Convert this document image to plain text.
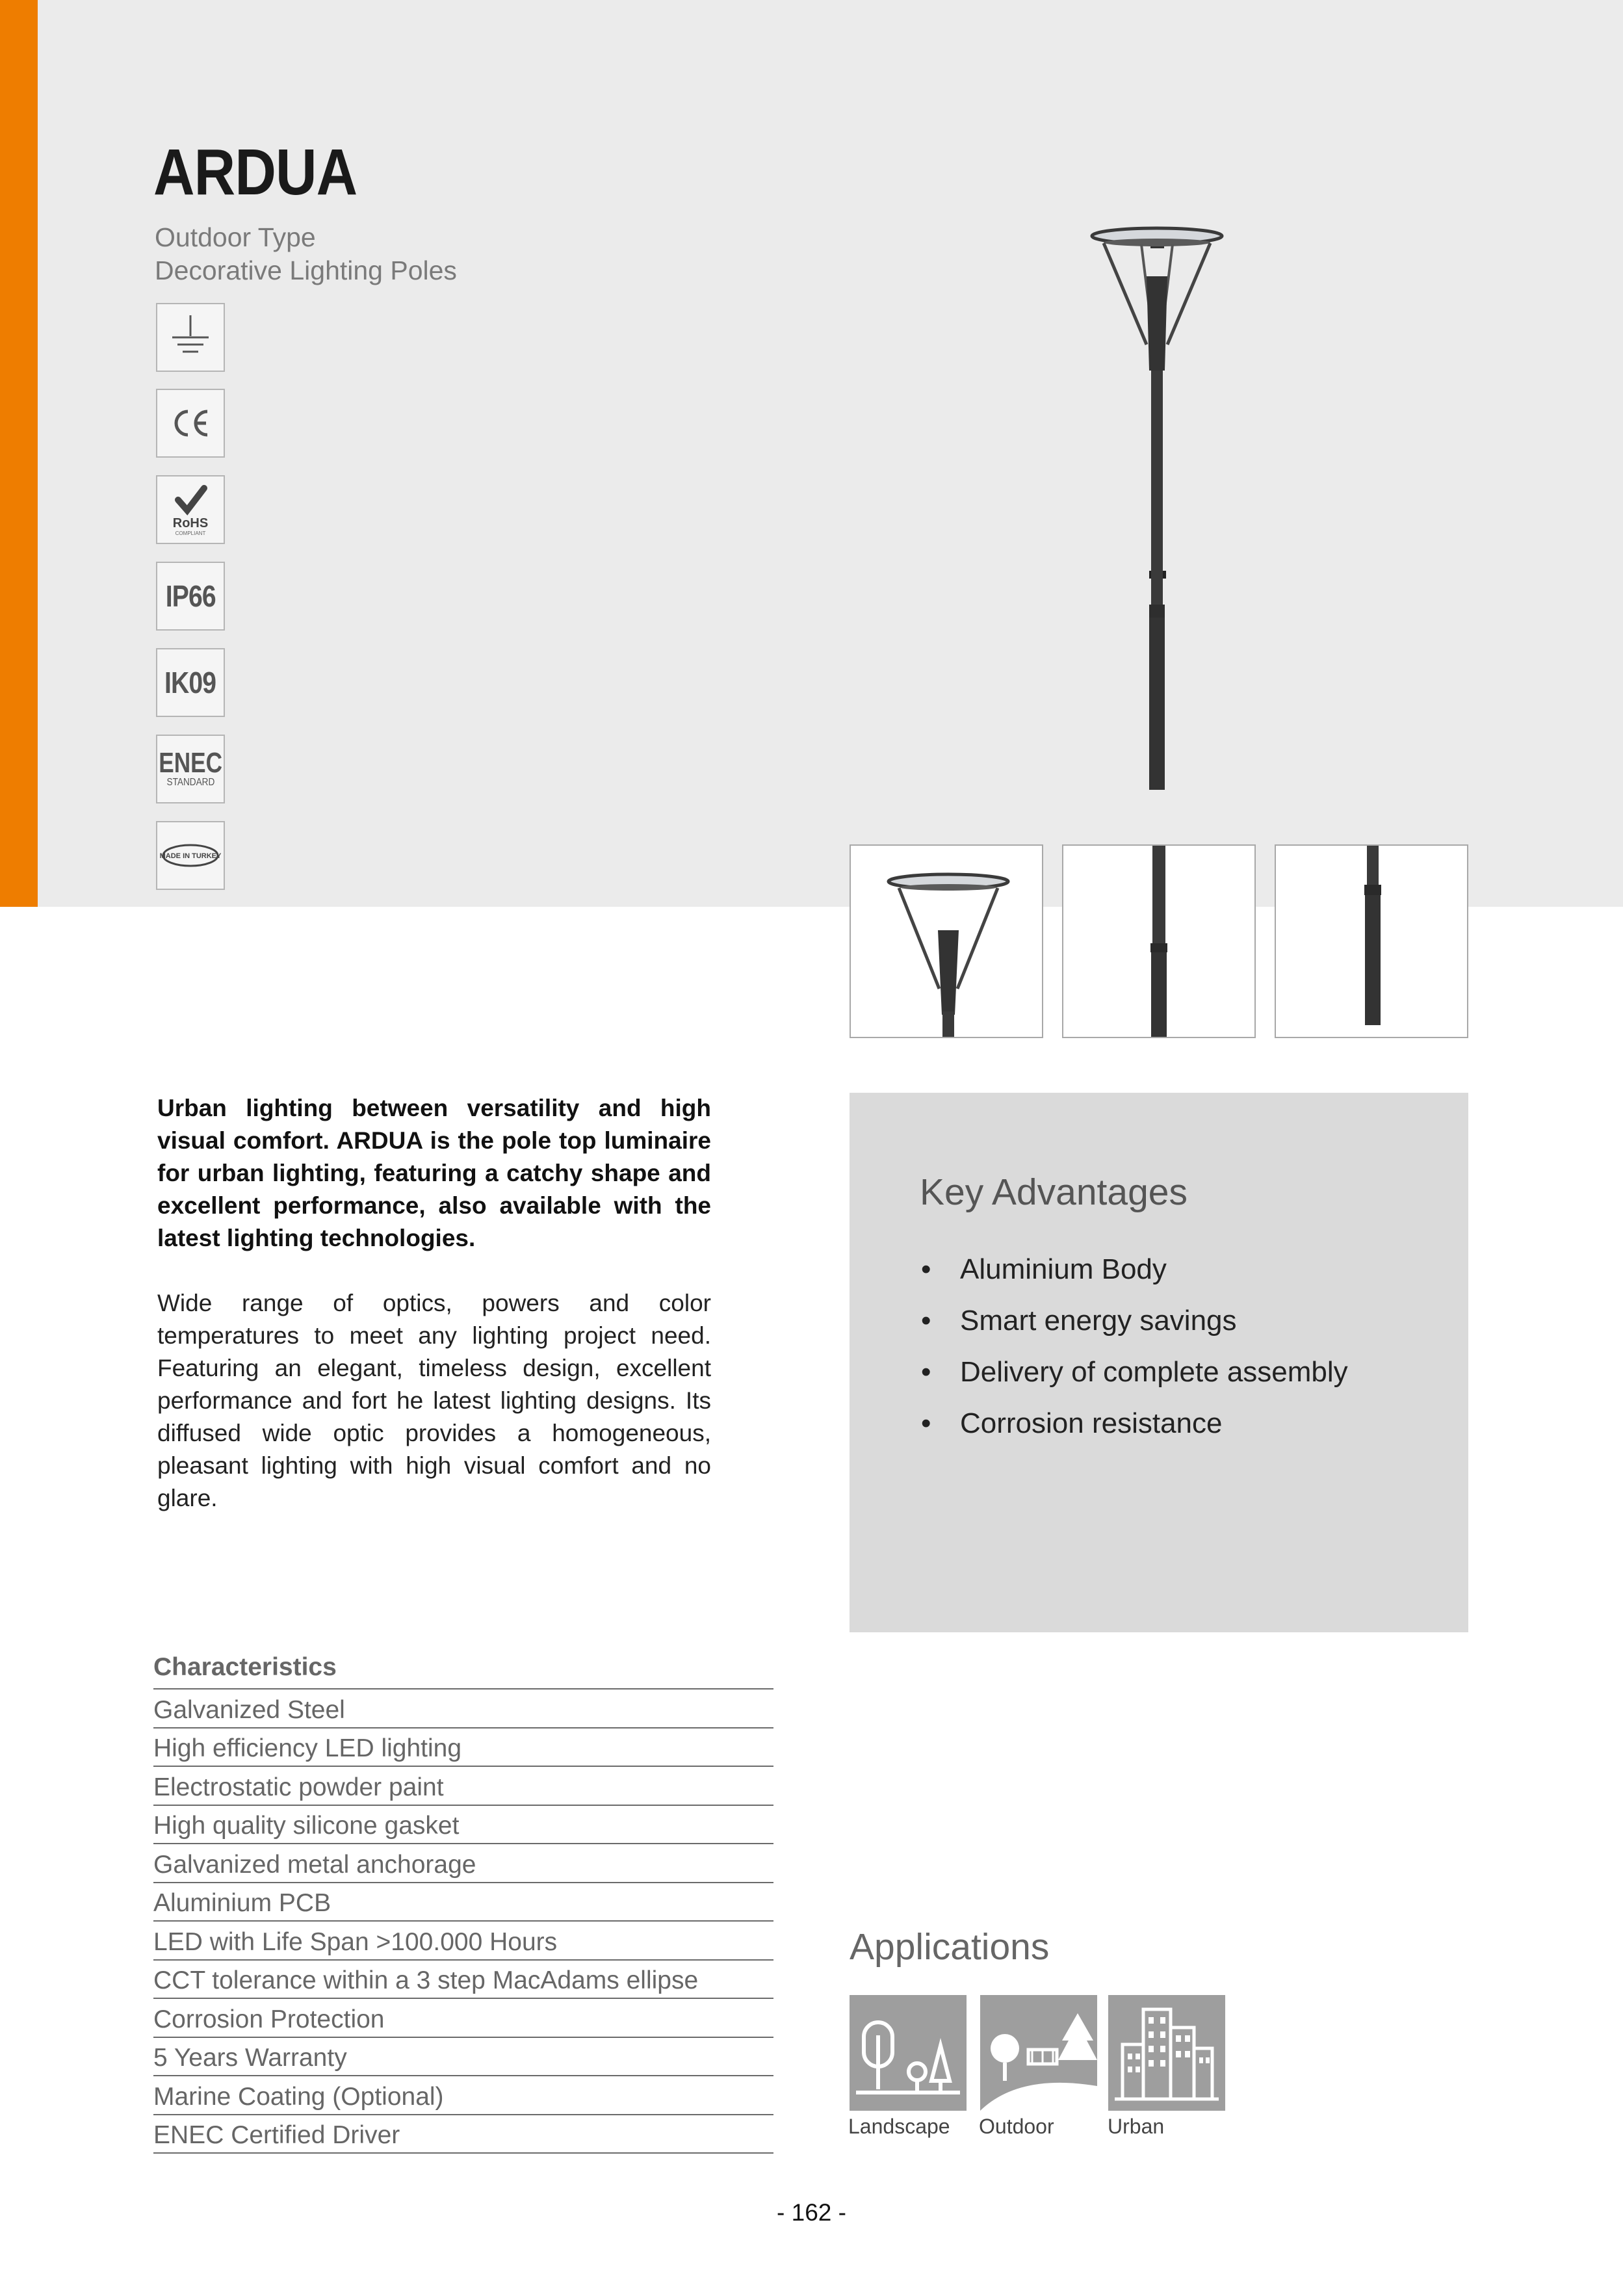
ARDUA
Outdoor Type
Decorative Lighting Poles
RoHS
COMPLIANT
IP66
IK09
ENEC
STANDARD
MADE IN TURKEY

Urban lighting between versatility and high visual comfort. ARDUA is the pole top luminaire for urban lighting, featuring a catchy shape and excellent performance, also available with the latest lighting technologies.

Wide range of optics, powers and color temperatures to meet any lighting project need. Featuring an elegant, timeless design, excellent performance and fort he latest lighting designs. Its diffused wide optic provides a homogeneous, pleasant lighting with high visual comfort and no glare.

Key Advantages
• Aluminium Body
• Smart energy savings
• Delivery of complete assembly
• Corrosion resistance
Characteristics
Galvanized Steel
High efficiency LED lighting
Electrostatic powder paint
High quality silicone gasket
Galvanized metal anchorage
Aluminium PCB
LED with Life Span >100.000 Hours
CCT tolerance within a 3 step MacAdams ellipse
Corrosion Protection
5 Years Warranty
Marine Coating (Optional)
ENEC Certified Driver
Applications
Landscape Outdoor	Urban
- 162 -
